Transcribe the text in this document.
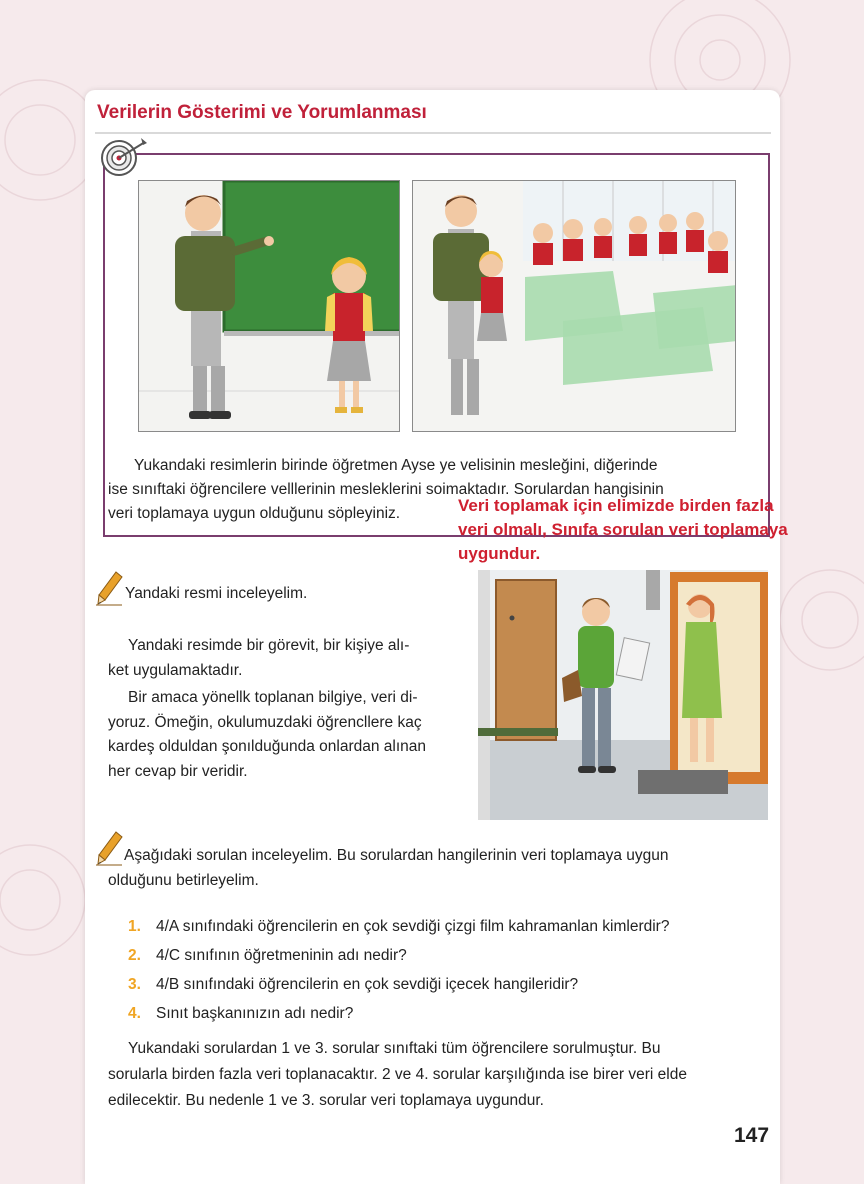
Verilerin Gösterimi ve Yorumlanması
Yukandaki resimlerin birinde öğretmen Ayse ye velisinin mesleğini, diğerinde
ise sınıftaki öğrencilere velllerinin mesleklerini soimaktadır. Sorulardan hangisinin
veri toplamaya uygun olduğunu söpleyiniz.	Veri toplamak için elimizde birden fazla
veri olmalı, Sınıfa sorulan veri toplamaya
uygundur.
Yandaki resmi inceleyelim.

Yandaki resimde bir görevit, bir kişiye alı-

ket uygulamaktadır.

Bir amaca yönellk toplanan bilgiye, veri di-

yoruz. Ömeğin, okulumuzdaki öğrencllere kaç

kardeş olduldan şonılduğunda onlardan alınan

her cevap bir veridir.

Aşağıdaki sorulan inceleyelim. Bu sorulardan hangilerinin veri toplamaya uygun

olduğunu betirleyelim.

1. 4/A sınıfındaki öğrencilerin en çok sevdiği çizgi film kahramanlan kimlerdir?
2. 4/C sınıfının öğretmeninin adı nedir?
3. 4/B sınıfındaki öğrencilerin en çok sevdiği içecek hangileridir?
4. Sınıt başkanınızın adı nedir?

Yukandaki sorulardan 1 ve 3. sorular sınıftaki tüm öğrencilere sorulmuştur. Bu

sorularla birden fazla veri toplanacaktır. 2 ve 4. sorular karşılığında ise birer veri elde

edilecektir. Bu nedenle 1 ve 3. sorular veri toplamaya uygundur.

147
